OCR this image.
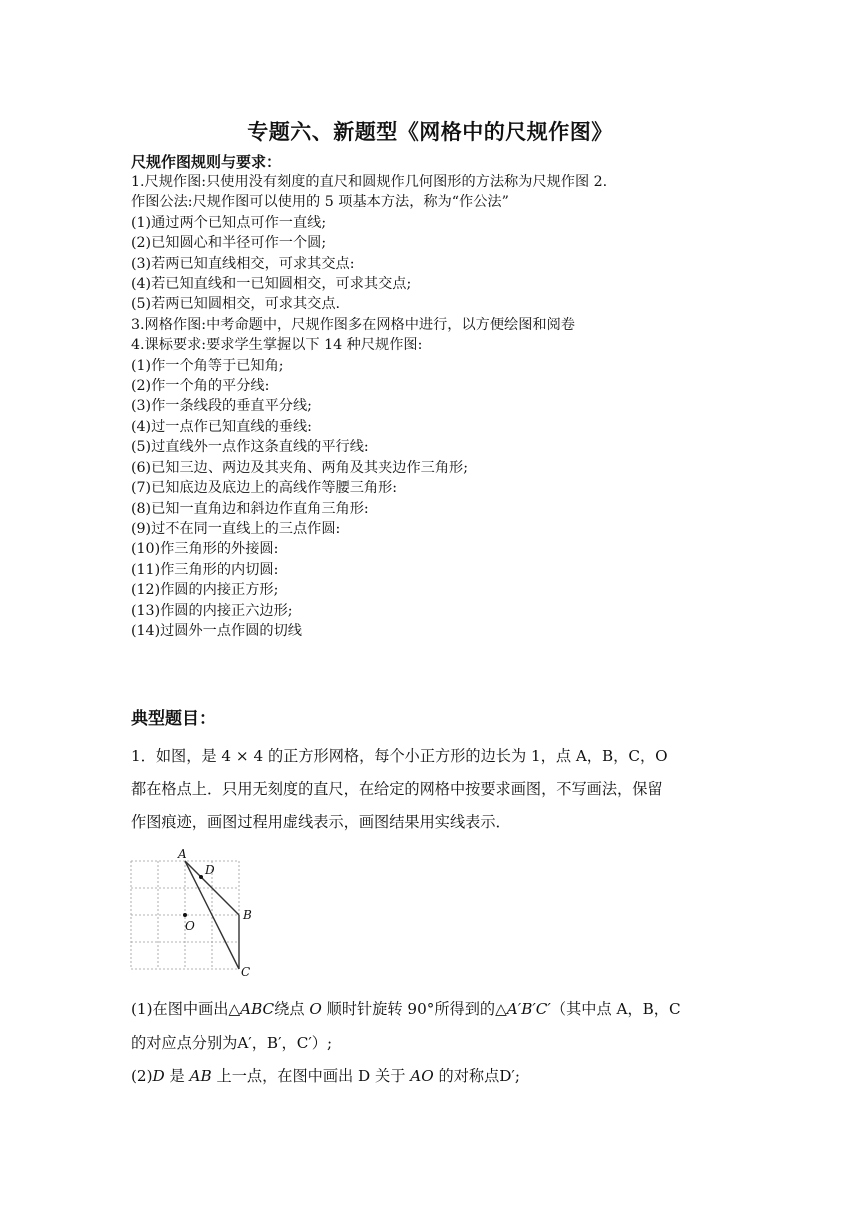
专题六、新题型《网格中的尺规作图》
尺规作图规则与要求：
1.尺规作图:只使用没有刻度的直尺和圆规作几何图形的方法称为尺规作图 2.
作图公法:尺规作图可以使用的 5 项基本方法，称为“作公法”
(1)通过两个已知点可作一直线;
(2)已知圆心和半径可作一个圆;
(3)若两已知直线相交，可求其交点:
(4)若已知直线和一已知圆相交，可求其交点;
(5)若两已知圆相交，可求其交点.
3.网格作图:中考命题中，尺规作图多在网格中进行，以方便绘图和阅卷
4.课标要求:要求学生掌握以下 14 种尺规作图:
(1)作一个角等于已知角;
(2)作一个角的平分线:
(3)作一条线段的垂直平分线;
(4)过一点作已知直线的垂线:
(5)过直线外一点作这条直线的平行线:
(6)已知三边、两边及其夹角、两角及其夹边作三角形;
(7)已知底边及底边上的高线作等腰三角形:
(8)已知一直角边和斜边作直角三角形:
(9)过不在同一直线上的三点作圆:
(10)作三角形的外接圆:
(11)作三角形的内切圆:
(12)作圆的内接正方形;
(13)作圆的内接正六边形;
(14)过圆外一点作圆的切线
典型题目：
1．如图，是 4 × 4 的正方形网格，每个小正方形的边长为 1，点 A，B，C，O
都在格点上．只用无刻度的直尺，在给定的网格中按要求画图，不写画法，保留
作图痕迹，画图过程用虚线表示，画图结果用实线表示．
A
D
B
O
C
(1)在图中画出△ABC绕点 O 顺时针旋转 90°所得到的△A′B′C′（其中点 A，B，C
的对应点分别为A′，B′，C′）;
(2)D 是 AB 上一点，在图中画出 D 关于 AO 的对称点D′;
